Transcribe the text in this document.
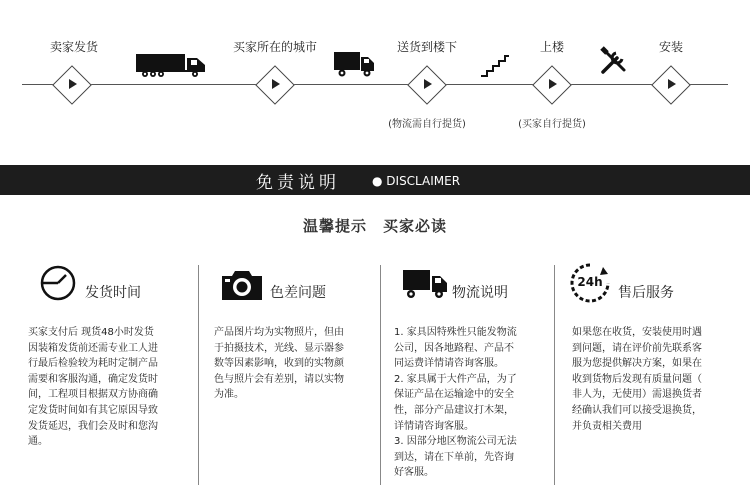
卖家发货	买家所在的城市	送货到楼下	上楼	安装
(物流需自行提货)	(买家自行提货)
免责说明	● DISCLAIMER
温馨提示　买家必读
发货时间	色差问题	物流说明
24h
售后服务
买家支付后 现货48小时发货
因装箱发货前还需专业工人进
行最后检验较为耗时定制产品
需要和客服沟通，确定发货时
间，工程项目根据双方协商确
定发货时间如有其它原因导致
发货延迟，我们会及时和您沟
通。
产品图片均为实物照片，但由
于拍摄技术，光线、显示器参
数等因素影响，收到的实物颜
色与照片会有差别，请以实物
为准。
1. 家具因特殊性只能发物流
公司，因各地路程、产品不
同运费详情请咨询客服。
2. 家具属于大件产品，为了
保证产品在运输途中的安全
性，部分产品建议打木架，
详情请咨询客服。
3. 因部分地区物流公司无法
到达，请在下单前，先咨询
好客服。
如果您在收货，安装使用时遇
到问题，请在评价前先联系客
服为您提供解决方案，如果在
收到货物后发现有质量问题（
非人为，无使用）需退换货者
经确认我们可以接受退换货，
并负责相关费用
